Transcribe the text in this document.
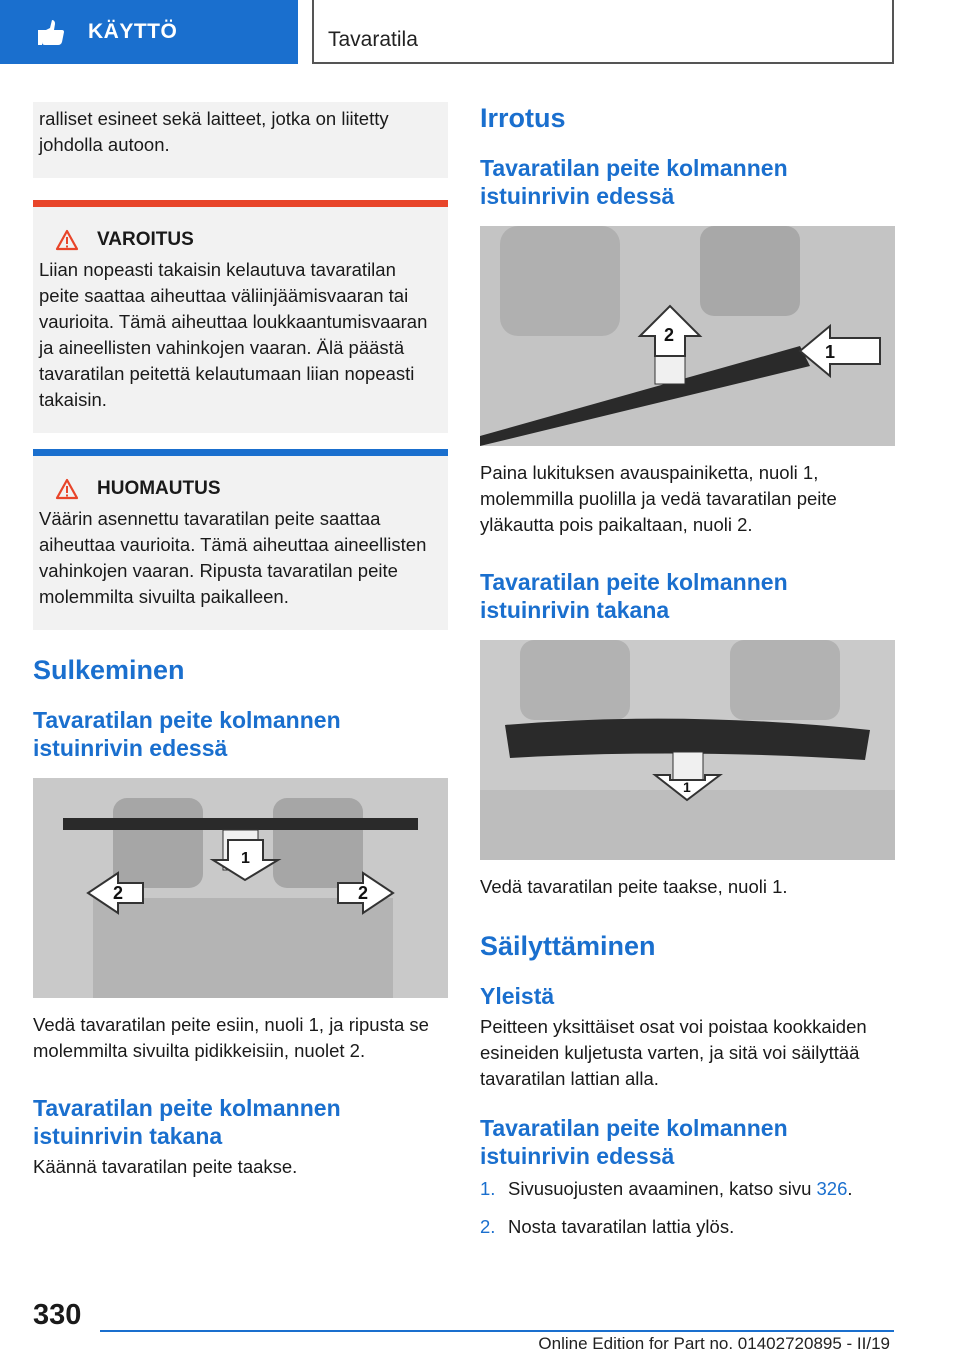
KÄYTTÖ	Tavaratila

ralliset esineet sekä laitteet, jotka on liitetty johdolla autoon.

VAROITUS

Liian nopeasti takaisin kelautuva tavaratilan peite saattaa aiheuttaa väliinjäämisvaaran tai vaurioita. Tämä aiheuttaa loukkaantumisvaaran ja aineellisten vahinkojen vaaran. Älä päästä tavaratilan peitettä kelautumaan liian nopeasti takaisin.

HUOMAUTUS

Väärin asennettu tavaratilan peite saattaa aiheuttaa vaurioita. Tämä aiheuttaa aineellisten vahinkojen vaaran. Ripusta tavaratilan peite molemmilta sivuilta paikalleen.

Sulkeminen
Tavaratilan peite kolmannen istuinrivin edessä
2
1
2

Vedä tavaratilan peite esiin, nuoli 1, ja ripusta se molemmilta sivuilta pidikkeisiin, nuolet 2.

Tavaratilan peite kolmannen istuinrivin takana

Käännä tavaratilan peite taakse.

Irrotus
Tavaratilan peite kolmannen istuinrivin edessä
2
1

Paina lukituksen avauspainiketta, nuoli 1, molemmilla puolilla ja vedä tavaratilan peite yläkautta pois paikaltaan, nuoli 2.

Tavaratilan peite kolmannen istuinrivin takana
1

Vedä tavaratilan peite taakse, nuoli 1.

Säilyttäminen
Yleistä

Peitteen yksittäiset osat voi poistaa kookkaiden esineiden kuljetusta varten, ja sitä voi säilyttää tavaratilan lattian alla.

Tavaratilan peite kolmannen istuinrivin edessä
1. Sivusuojusten avaaminen, katso sivu 326.
2. Nosta tavaratilan lattia ylös.
330
Online Edition for Part no. 01402720895 - II/19
